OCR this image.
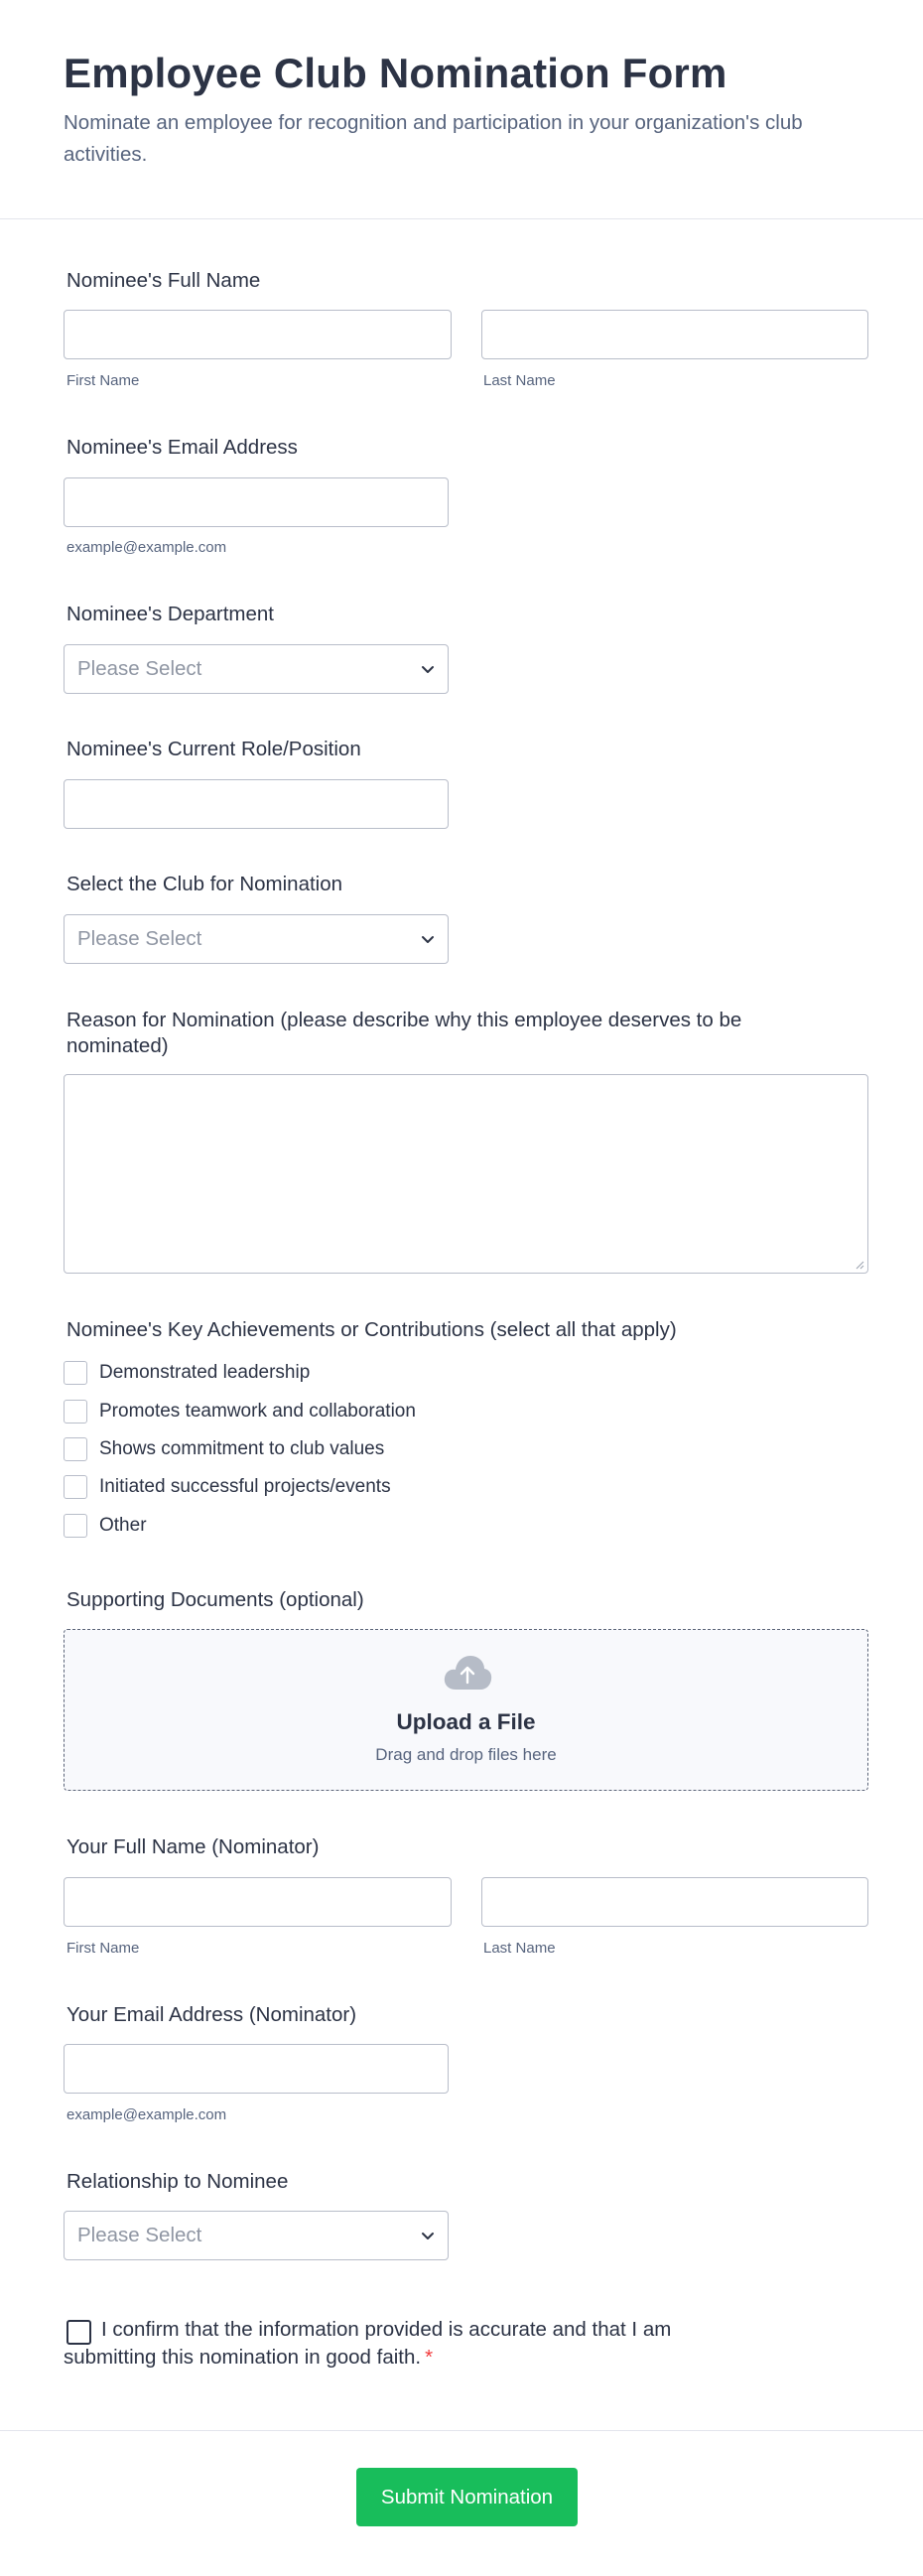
Employee Club Nomination Form
Nominate an employee for recognition and participation in your organization's club activities.
Nominee's Full Name
First Name	Last Name
Nominee's Email Address
example@example.com
Nominee's Department
Please Select
Nominee's Current Role/Position
Select the Club for Nomination
Please Select
Reason for Nomination (please describe why this employee deserves to be nominated)
Nominee's Key Achievements or Contributions (select all that apply)
Demonstrated leadership
Promotes teamwork and collaboration
Shows commitment to club values
Initiated successful projects/events
Other
Supporting Documents (optional)
Upload a File
Drag and drop files here
Your Full Name (Nominator)
First Name	Last Name
Your Email Address (Nominator)
example@example.com
Relationship to Nominee
Please Select
I confirm that the information provided is accurate and that I am submitting this nomination in good faith. *
Submit Nomination
